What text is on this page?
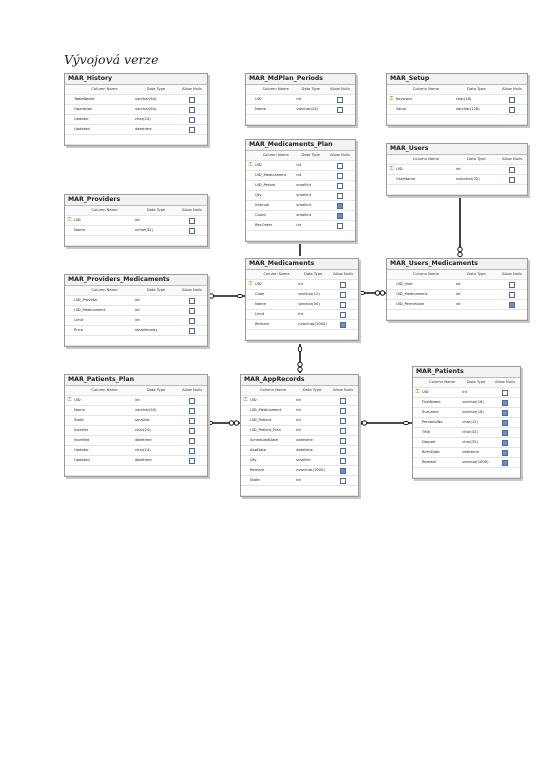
Vývojová verze
MAR_History
Column Name	Data Type	Allow Nulls
TableName	varchar(64)
Operation	varchar(64)
Updater	char(24)
Updated	datetime
MAR_MdPlan_Periods
Column Name	Data Type	Allow Nulls
UID	int
Name	varchar(24)
MAR_Setup
Column Name	Data Type	Allow Nulls
⚿ Keyword	char(16)
Value	varchar(128)
MAR_Medicaments_Plan
Column Name	Data Type	Allow Nulls
⚿ UID	int
UID_Medicament	int
UID_Period	smallint
Qty	smallint
Interval	smallint
Count	smallint
RecOrder	int
MAR_Users
Column Name	Data Type	Allow Nulls
⚿ UID	int
UserName	nvarchar(32)
MAR_Providers
Column Name	Data Type	Allow Nulls
⚿ UID	int
Name	nchar(32)
MAR_Medicaments
Column Name	Data Type	Allow Nulls
⚿ UID	int
Code	varchar(12)
Name	varchar(50)
Limit	int
Remark	nvarchar(1000)
MAR_Users_Medicaments
Column Name	Data Type	Allow Nulls
UID_User	int
UID_Medicament	int
UID_Permission	int
MAR_Providers_Medicaments
Column Name	Data Type	Allow Nulls
UID_Provider	int
UID_Medicament	int
Limit	int
Price	smallmoney
MAR_Patients_Plan
Column Name	Data Type	Allow Nulls
⚿ UID	int
Name	varchar(50)
State	smallint
Inserter	char(24)
Inserted	datetime
Updater	char(24)
Updated	datetime
MAR_AppRecords
Column Name	Data Type	Allow Nulls
⚿ UID	int
UID_Medicament	int
UID_Patient	int
UID_Patient_Plan	int
ScheduledDate	datetime
AppDate	datetime
Qty	smallint
Remark	nvarchar(1000)
State	int
MAR_Patients
Column Name	Data Type	Allow Nulls
⚿ UID	int
FirstName	varchar(16)
Surname	varchar(16)
PersonalNo	char(12)
Title	char(32)
Degree	char(32)
BirthDate	datetime
Remark	varchar(1000)
